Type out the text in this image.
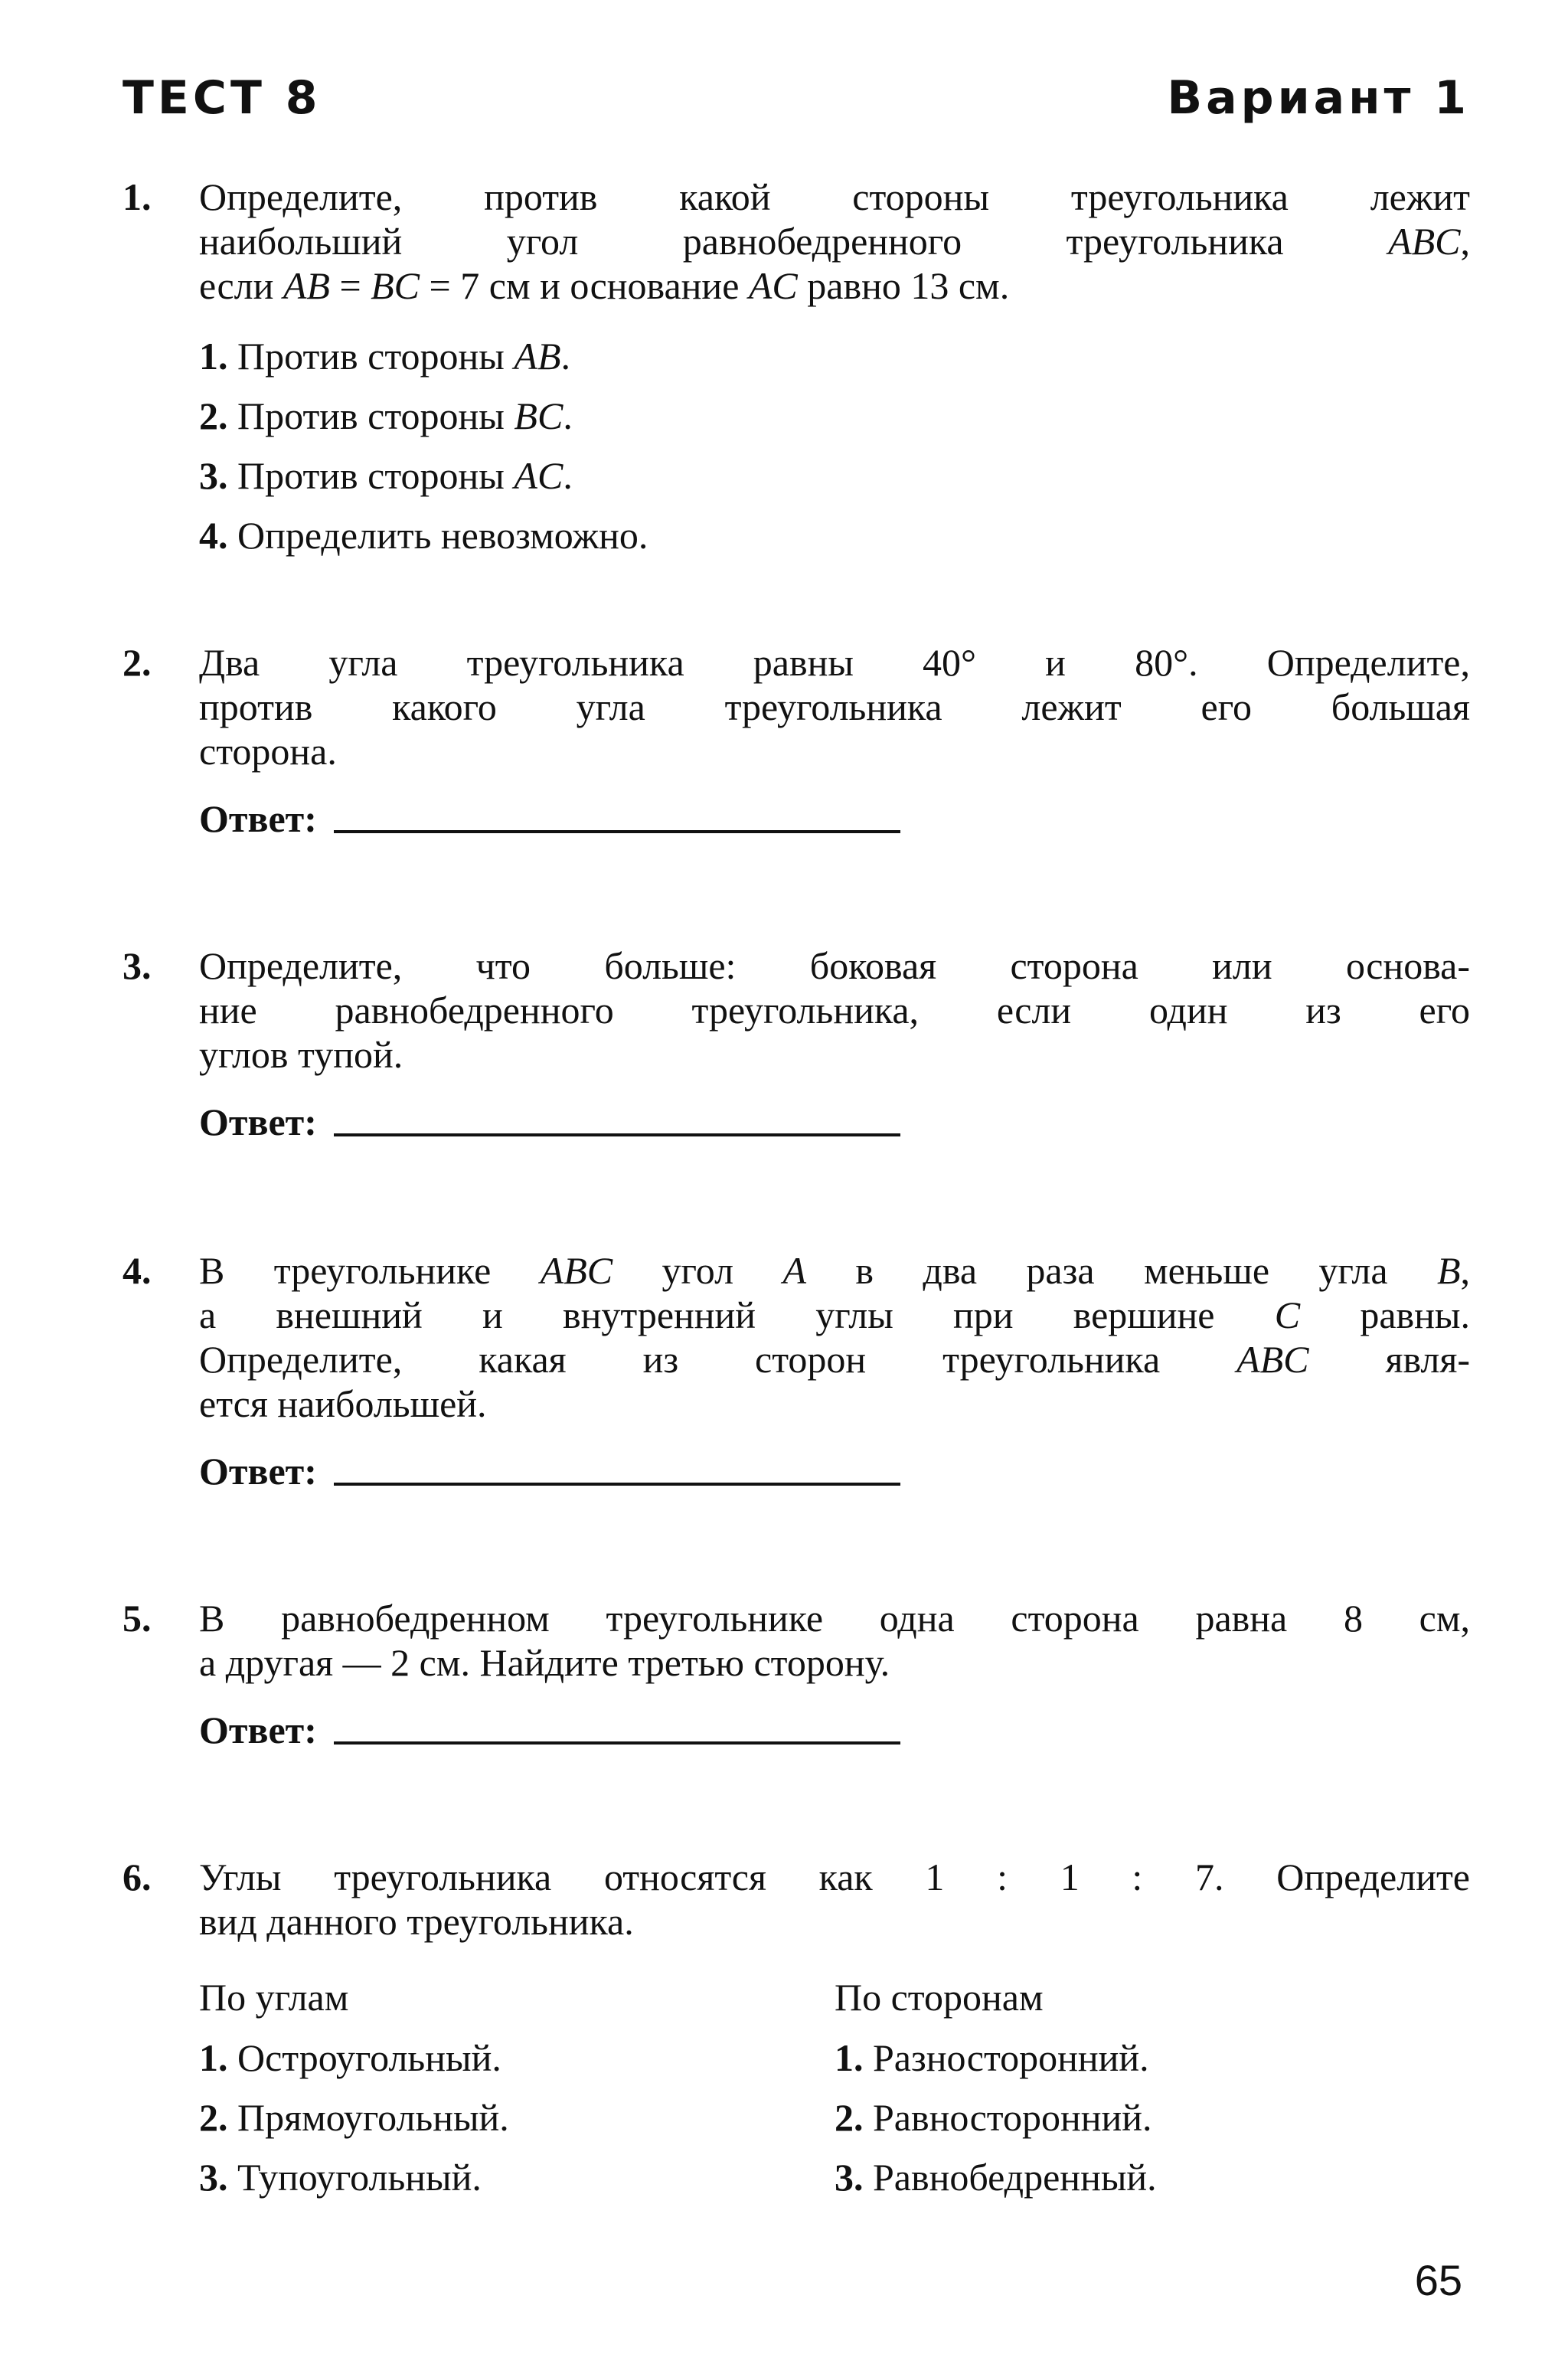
ТЕСТ 8	Вариант 1
1. Определите, против какой стороны треугольника лежит
наибольший угол равнобедренного треугольника ABC,
если AB = BC = 7 см и основание AC равно 13 см.
1. Против стороны AB.
2. Против стороны BC.
3. Против стороны AC.
4. Определить невозможно.
2. Два угла треугольника равны 40° и 80°. Определите,
против какого угла треугольника лежит его большая
сторона.
Ответ:
3. Определите, что больше: боковая сторона или основа-
ние равнобедренного треугольника, если один из его
углов тупой.
Ответ:
4. В треугольнике ABC угол A в два раза меньше угла B,
а внешний и внутренний углы при вершине C равны.
Определите, какая из сторон треугольника ABC явля-
ется наибольшей.
Ответ:
5. В равнобедренном треугольнике одна сторона равна 8 см,
а другая — 2 см. Найдите третью сторону.
Ответ:
6. Углы треугольника относятся как 1 : 1 : 7. Определите
вид данного треугольника.
По углам
1. Остроугольный.
2. Прямоугольный.
3. Тупоугольный.
По сторонам
1. Разносторонний.
2. Равносторонний.
3. Равнобедренный.
65
